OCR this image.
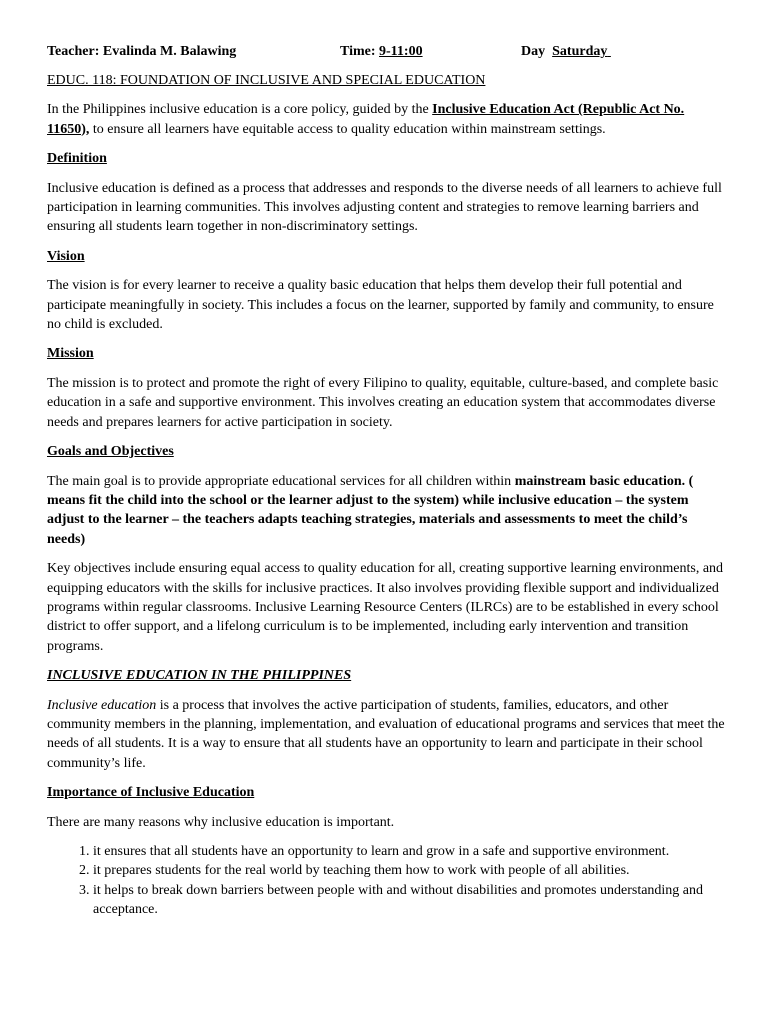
Teacher: Evalinda M. Balawing	Time: 9-11:00	Day Saturday

EDUC. 118: FOUNDATION OF INCLUSIVE AND SPECIAL EDUCATION

In the Philippines inclusive education is a core policy, guided by the Inclusive Education Act (Republic Act No. 11650), to ensure all learners have equitable access to quality education within mainstream settings.

Definition

Inclusive education is defined as a process that addresses and responds to the diverse needs of all learners to achieve full participation in learning communities. This involves adjusting content and strategies to remove learning barriers and ensuring all students learn together in non-discriminatory settings.

Vision

The vision is for every learner to receive a quality basic education that helps them develop their full potential and participate meaningfully in society. This includes a focus on the learner, supported by family and community, to ensure no child is excluded.

Mission

The mission is to protect and promote the right of every Filipino to quality, equitable, culture-based, and complete basic education in a safe and supportive environment. This involves creating an education system that accommodates diverse needs and prepares learners for active participation in society.

Goals and Objectives

The main goal is to provide appropriate educational services for all children within mainstream basic education. ( means fit the child into the school or the learner adjust to the system) while inclusive education – the system adjust to the learner – the teachers adapts teaching strategies, materials and assessments to meet the child’s needs)

Key objectives include ensuring equal access to quality education for all, creating supportive learning environments, and equipping educators with the skills for inclusive practices. It also involves providing flexible support and individualized programs within regular classrooms. Inclusive Learning Resource Centers (ILRCs) are to be established in every school district to offer support, and a lifelong curriculum is to be implemented, including early intervention and transition programs.

INCLUSIVE EDUCATION IN THE PHILIPPINES

Inclusive education is a process that involves the active participation of students, families, educators, and other community members in the planning, implementation, and evaluation of educational programs and services that meet the needs of all students. It is a way to ensure that all students have an opportunity to learn and participate in their school community’s life.

Importance of Inclusive Education

There are many reasons why inclusive education is important.

1. it ensures that all students have an opportunity to learn and grow in a safe and supportive environment.
2. it prepares students for the real world by teaching them how to work with people of all abilities.
3. it helps to break down barriers between people with and without disabilities and promotes understanding and acceptance.
